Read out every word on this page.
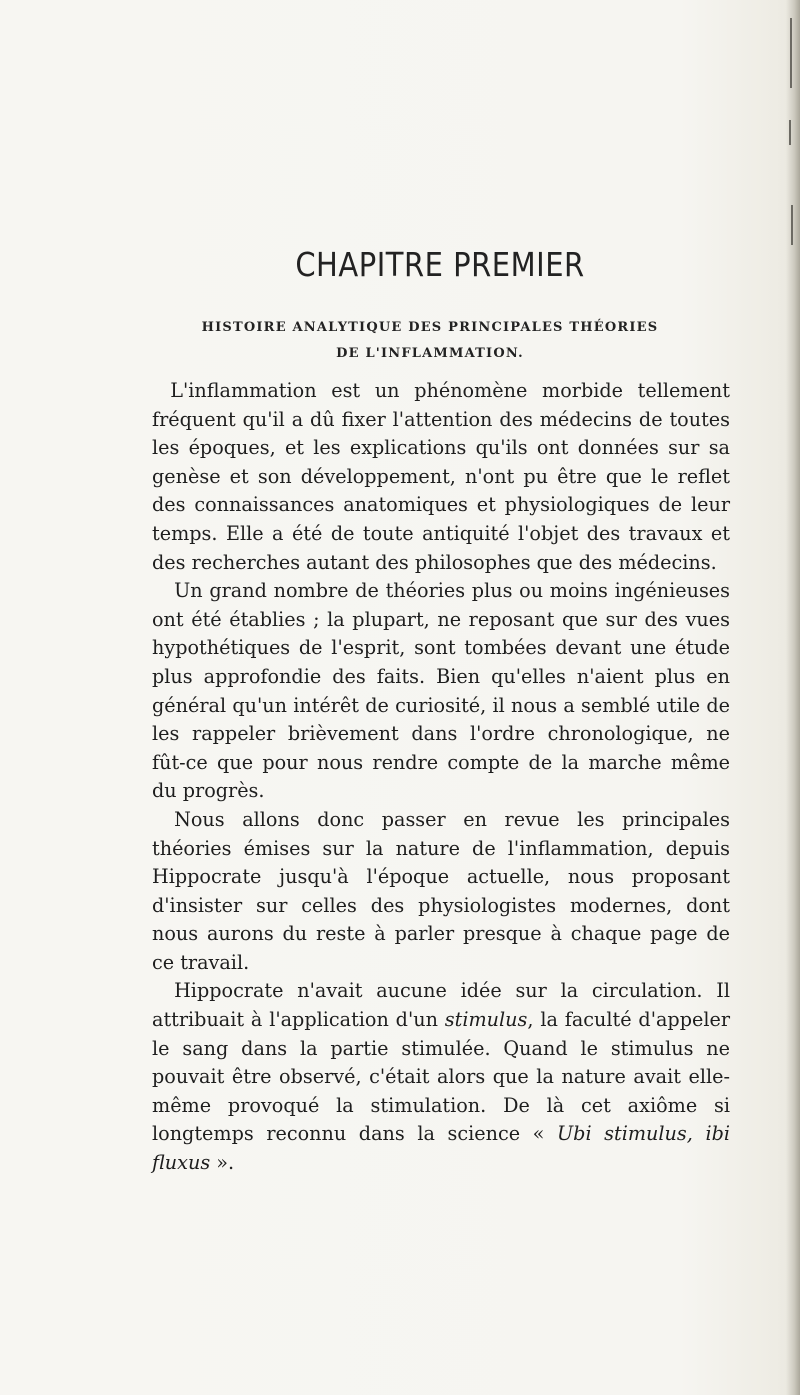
CHAPITRE PREMIER
HISTOIRE ANALYTIQUE DES PRINCIPALES THÉORIES
DE L'INFLAMMATION.

L'inflammation est un phénomène morbide tellement fréquent qu'il a dû fixer l'attention des médecins de toutes les époques, et les explications qu'ils ont données sur sa genèse et son développement, n'ont pu être que le reflet des connaissances anatomiques et physiologiques de leur temps. Elle a été de toute antiquité l'objet des travaux et des recherches autant des philosophes que des médecins.

Un grand nombre de théories plus ou moins ingénieuses ont été établies ; la plupart, ne reposant que sur des vues hypothétiques de l'esprit, sont tombées devant une étude plus approfondie des faits. Bien qu'elles n'aient plus en général qu'un intérêt de curiosité, il nous a semblé utile de les rappeler brièvement dans l'ordre chronologique, ne fût-ce que pour nous rendre compte de la marche même du progrès.

Nous allons donc passer en revue les principales théories émises sur la nature de l'inflammation, depuis Hippocrate jusqu'à l'époque actuelle, nous proposant d'insister sur celles des physiologistes modernes, dont nous aurons du reste à parler presque à chaque page de ce travail.

Hippocrate n'avait aucune idée sur la circulation. Il attribuait à l'application d'un stimulus, la faculté d'appeler le sang dans la partie stimulée. Quand le stimulus ne pouvait être observé, c'était alors que la nature avait elle-même provoqué la stimulation. De là cet axiôme si longtemps reconnu dans la science « Ubi stimulus, ibi fluxus ».
